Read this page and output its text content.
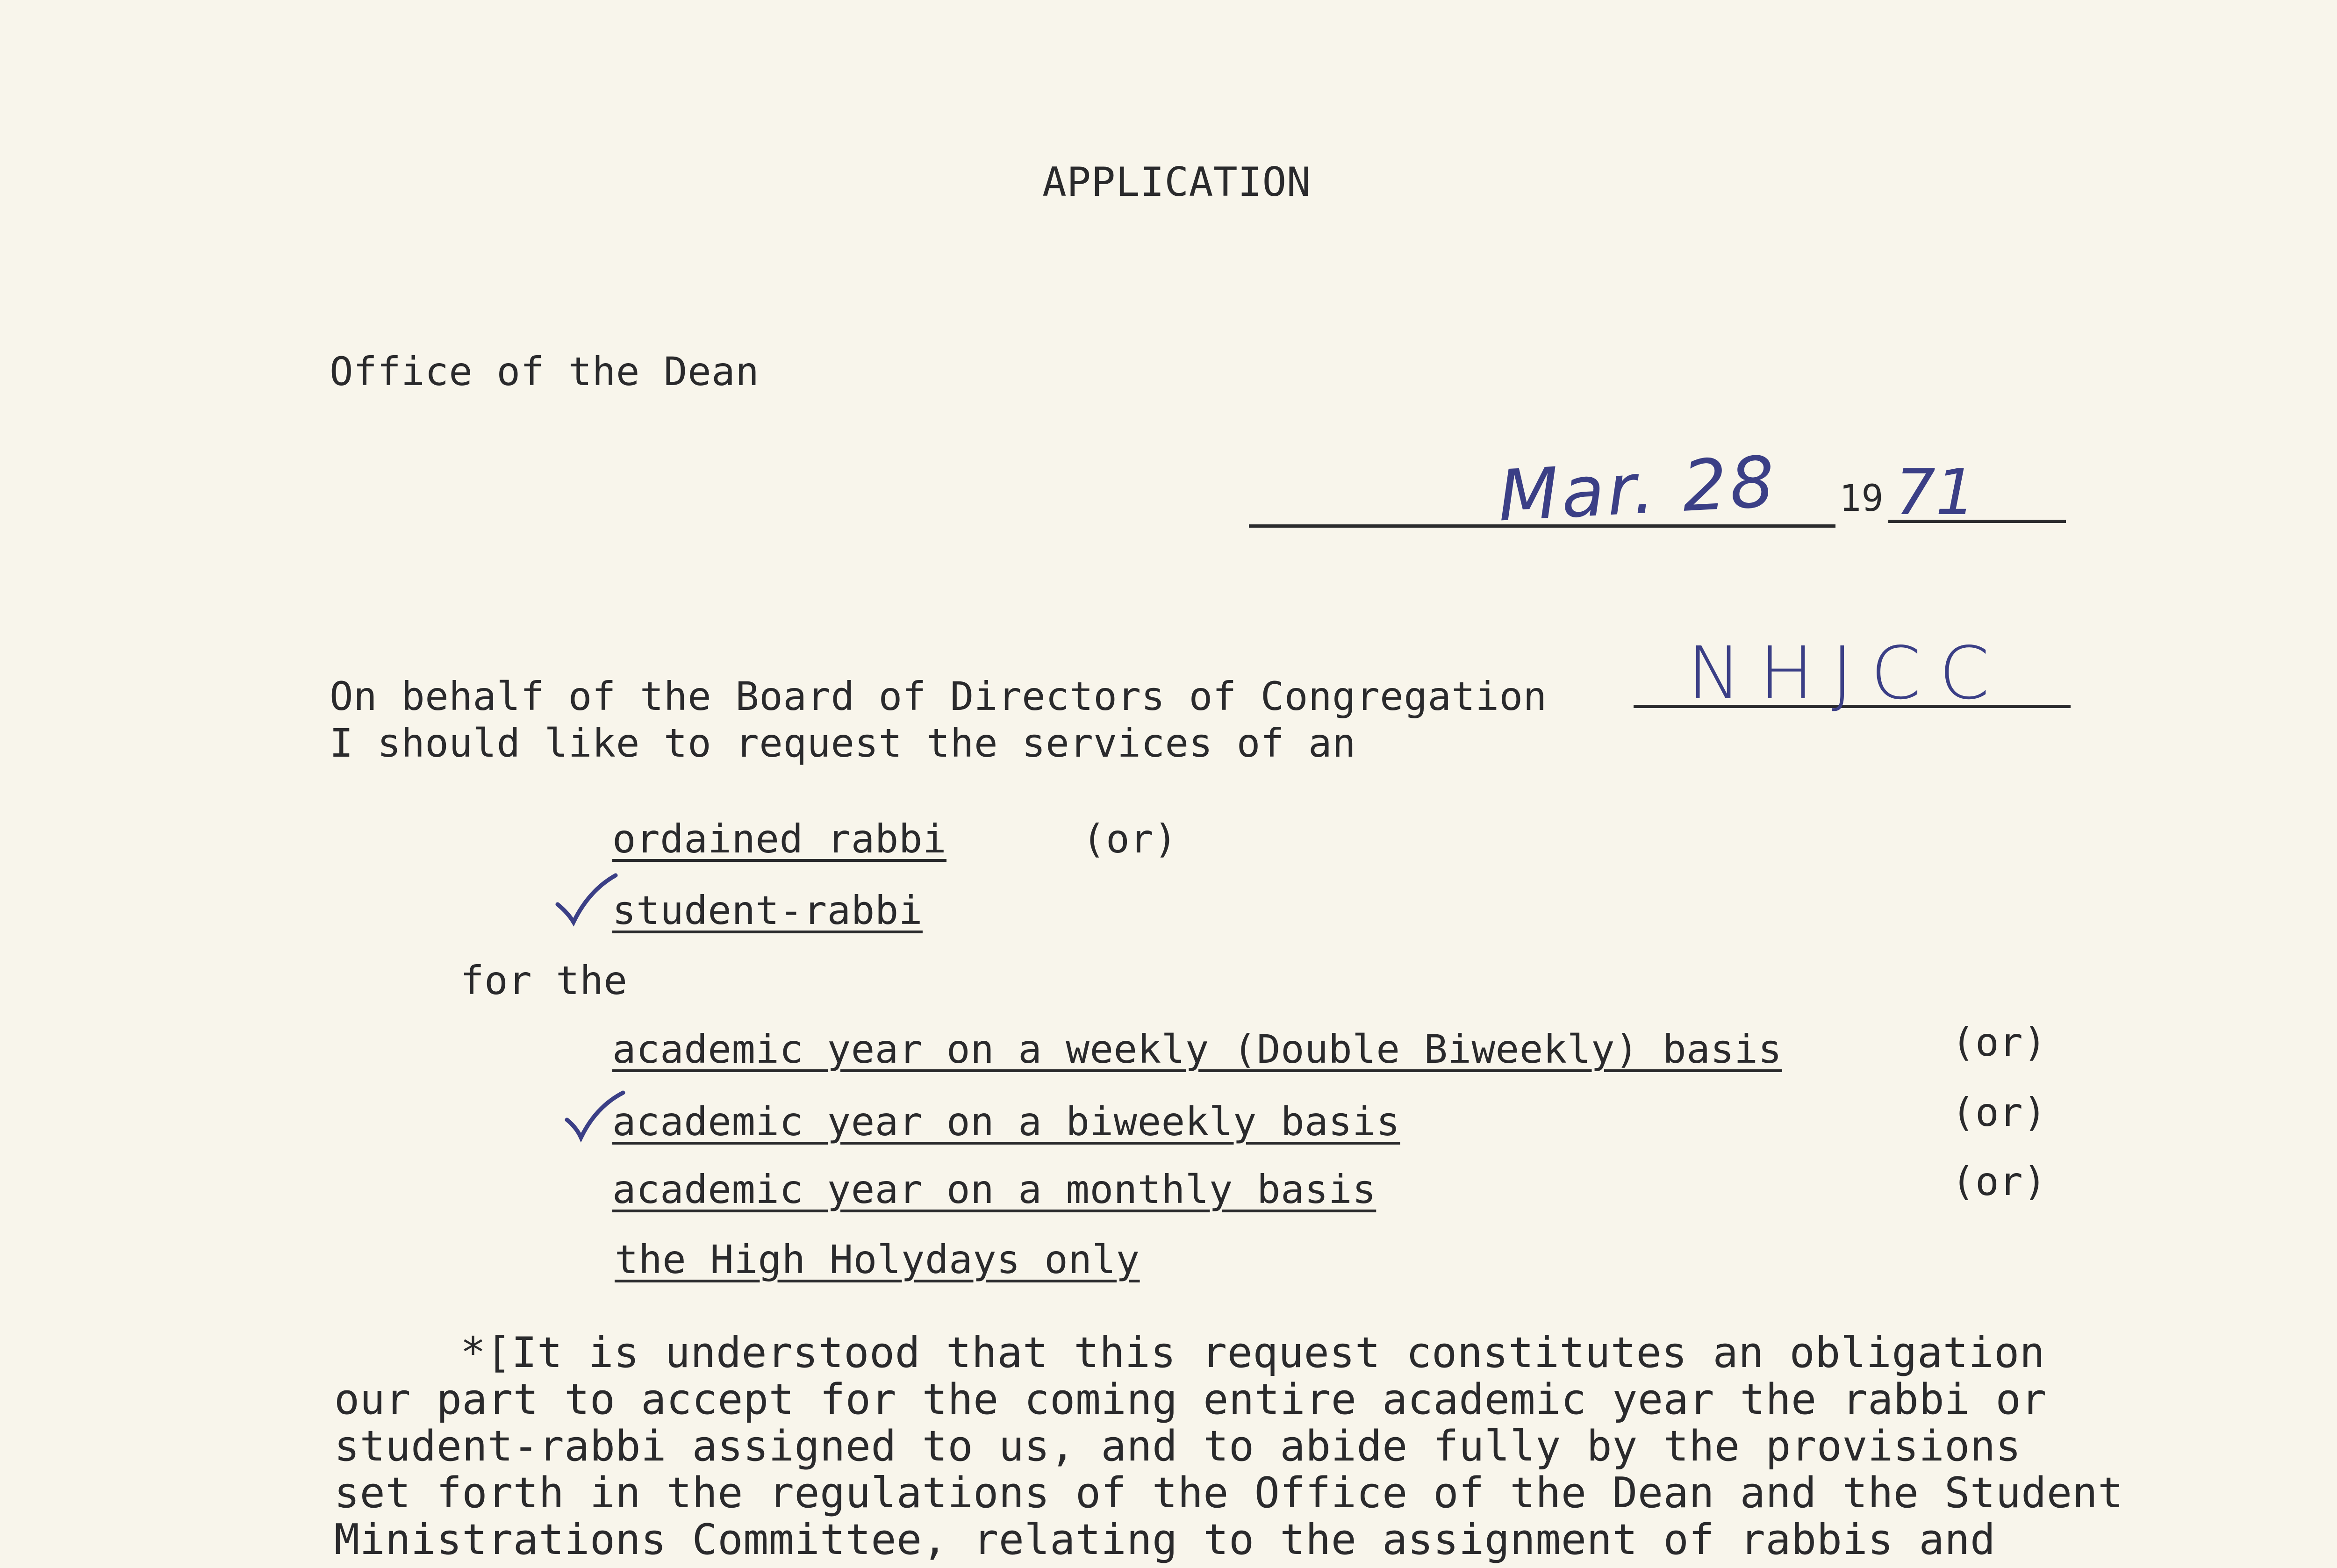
APPLICATION
Office of the Dean
Mar. 28 19 71
On behalf of the Board of Directors of Congregation NHJCC
I should like to request the services of an
ordained rabbi	(or)
student-rabbi
for the
academic year on a weekly (Double Biweekly) basis	(or)
academic year on a biweekly basis	(or)
academic year on a monthly basis	(or)
the High Holydays only
*[It is understood that this request constitutes an obligation
our part to accept for the coming entire academic year the rabbi or
student-rabbi assigned to us, and to abide fully by the provisions
set forth in the regulations of the Office of the Dean and the Student
Ministrations Committee, relating to the assignment of rabbis and
